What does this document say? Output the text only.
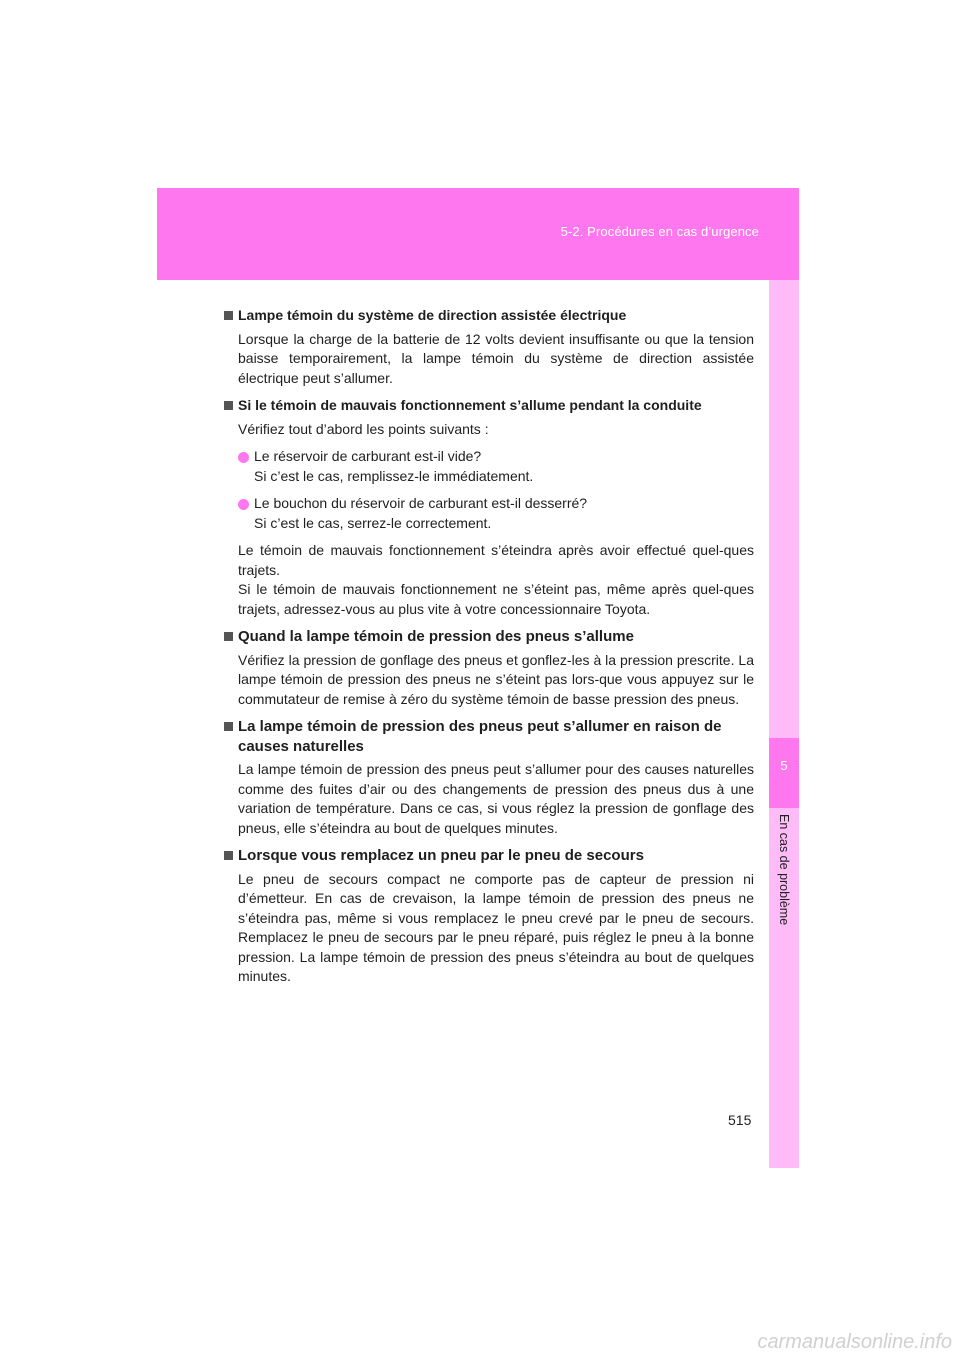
5-2. Procédures en cas d’urgence
5
En cas de problème
Lampe témoin du système de direction assistée électrique
Lorsque la charge de la batterie de 12 volts devient insuffisante ou que la tension baisse temporairement, la lampe témoin du système de direction assistée électrique peut s’allumer.
Si le témoin de mauvais fonctionnement s’allume pendant la conduite
Vérifiez tout d’abord les points suivants :
Le réservoir de carburant est-il vide?
Si c’est le cas, remplissez-le immédiatement.
Le bouchon du réservoir de carburant est-il desserré?
Si c’est le cas, serrez-le correctement.
Le témoin de mauvais fonctionnement s’éteindra après avoir effectué quel-ques trajets.
Si le témoin de mauvais fonctionnement ne s’éteint pas, même après quel-ques trajets, adressez-vous au plus vite à votre concessionnaire Toyota.
Quand la lampe témoin de pression des pneus s’allume
Vérifiez la pression de gonflage des pneus et gonflez-les à la pression prescrite. La lampe témoin de pression des pneus ne s’éteint pas lors-que vous appuyez sur le commutateur de remise à zéro du système témoin de basse pression des pneus.
La lampe témoin de pression des pneus peut s’allumer en raison de causes naturelles
La lampe témoin de pression des pneus peut s’allumer pour des causes naturelles comme des fuites d’air ou des changements de pression des pneus dus à une variation de température. Dans ce cas, si vous réglez la pression de gonflage des pneus, elle s’éteindra au bout de quelques minutes.
Lorsque vous remplacez un pneu par le pneu de secours
Le pneu de secours compact ne comporte pas de capteur de pression ni d’émetteur. En cas de crevaison, la lampe témoin de pression des pneus ne s’éteindra pas, même si vous remplacez le pneu crevé par le pneu de secours. Remplacez le pneu de secours par le pneu réparé, puis réglez le pneu à la bonne pression. La lampe témoin de pression des pneus s’éteindra au bout de quelques minutes.
515
carmanualsonline.info
